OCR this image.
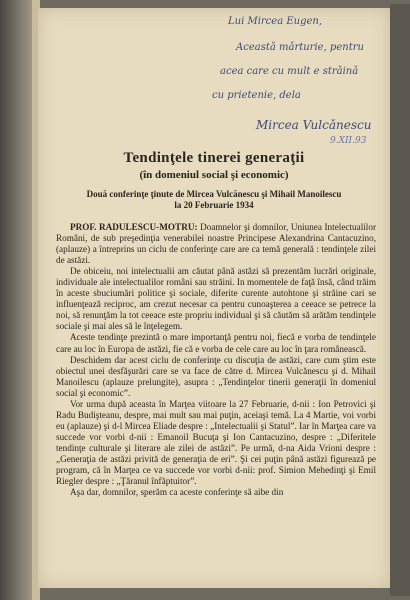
Lui Mircea Eugen,
Aceastǎ mǎrturie, pentru
acea care cu mult e strǎinǎ
cu prietenie, dela
Mircea Vulcǎnescu
9.XII.93
Tendinţele tinerei generaţii
(în domeniul social şi economic)
Două conferinţe ţinute de Mircea Vulcănescu şi Mihail Manoilescu
la 20 Februarie 1934

PROF. RADULESCU-MOTRU: Doamnelor şi domnilor, Uniunea Intelectualilor Români, de sub preşedinţia venerabilei noastre Principese Alexandrina Cantacuzino, (aplauze) a întreprins un ciclu de conferinţe care are ca temă generală : tendinţele zilei de astăzi.

De obiceiu, noi intelectualii am căutat până astăzi să prezentăm lucrări originale, individuale ale intelectualilor români sau străini. In momentele de faţă însă, când trăim în aceste sbuciumări politice şi sociale, diferite curente autohtone şi străine cari se influenţează reciproc, am crezut necesar ca pentru cunoaşterea a ceeace se petrece la noi, să renunţăm la tot ceeace este propriu individual şi să căutăm să arătăm tendinţele sociale şi mai ales să le înţelegem.

Aceste tendinţe prezintă o mare importanţă pentru noi, fiecă e vorba de tendinţele care au loc în Europa de astăzi, fie că e vorba de cele care au loc în ţara românească.

Deschidem dar acest ciclu de conferinţe cu discuţia de astăzi, care cum ştim este obiectul unei desfăşurări care se va face de către d. Mircea Vulcănescu şi d. Mihail Manoilescu (aplauze prelungite), asupra : „Tendinţelor tinerii generaţii în domeniul social şi economic”.

Vor urma după aceasta în Marţea viitoare la 27 Februarie, d-nii : Ion Petrovici şi Radu Budişteanu, despre, mai mult sau mai puţin, aceiaşi temă. La 4 Martie, voi vorbi eu (aplauze) şi d-l Mircea Eliade despre : „Intelectualii şi Statul”. Iar în Marţea care va succede vor vorbi d-nii : Emanoil Bucuţa şi Ion Cantacuzino, despre : „Diferitele tendinţe culturale şi literare ale zilei de astăzi”. Pe urmă, d-na Aida Vrioni despre : „Generaţia de astăzi privită de generaţia de eri”. Şi cei puţin până astăzi figurează pe program, că în Marţea ce va succede vor vorbi d-nii: prof. Simion Mehedinţi şi Emil Riegler despre : „Ţăranul înfăptuitor”.

Aşa dar, domnilor, sperăm ca aceste conferinţe să aibe din
